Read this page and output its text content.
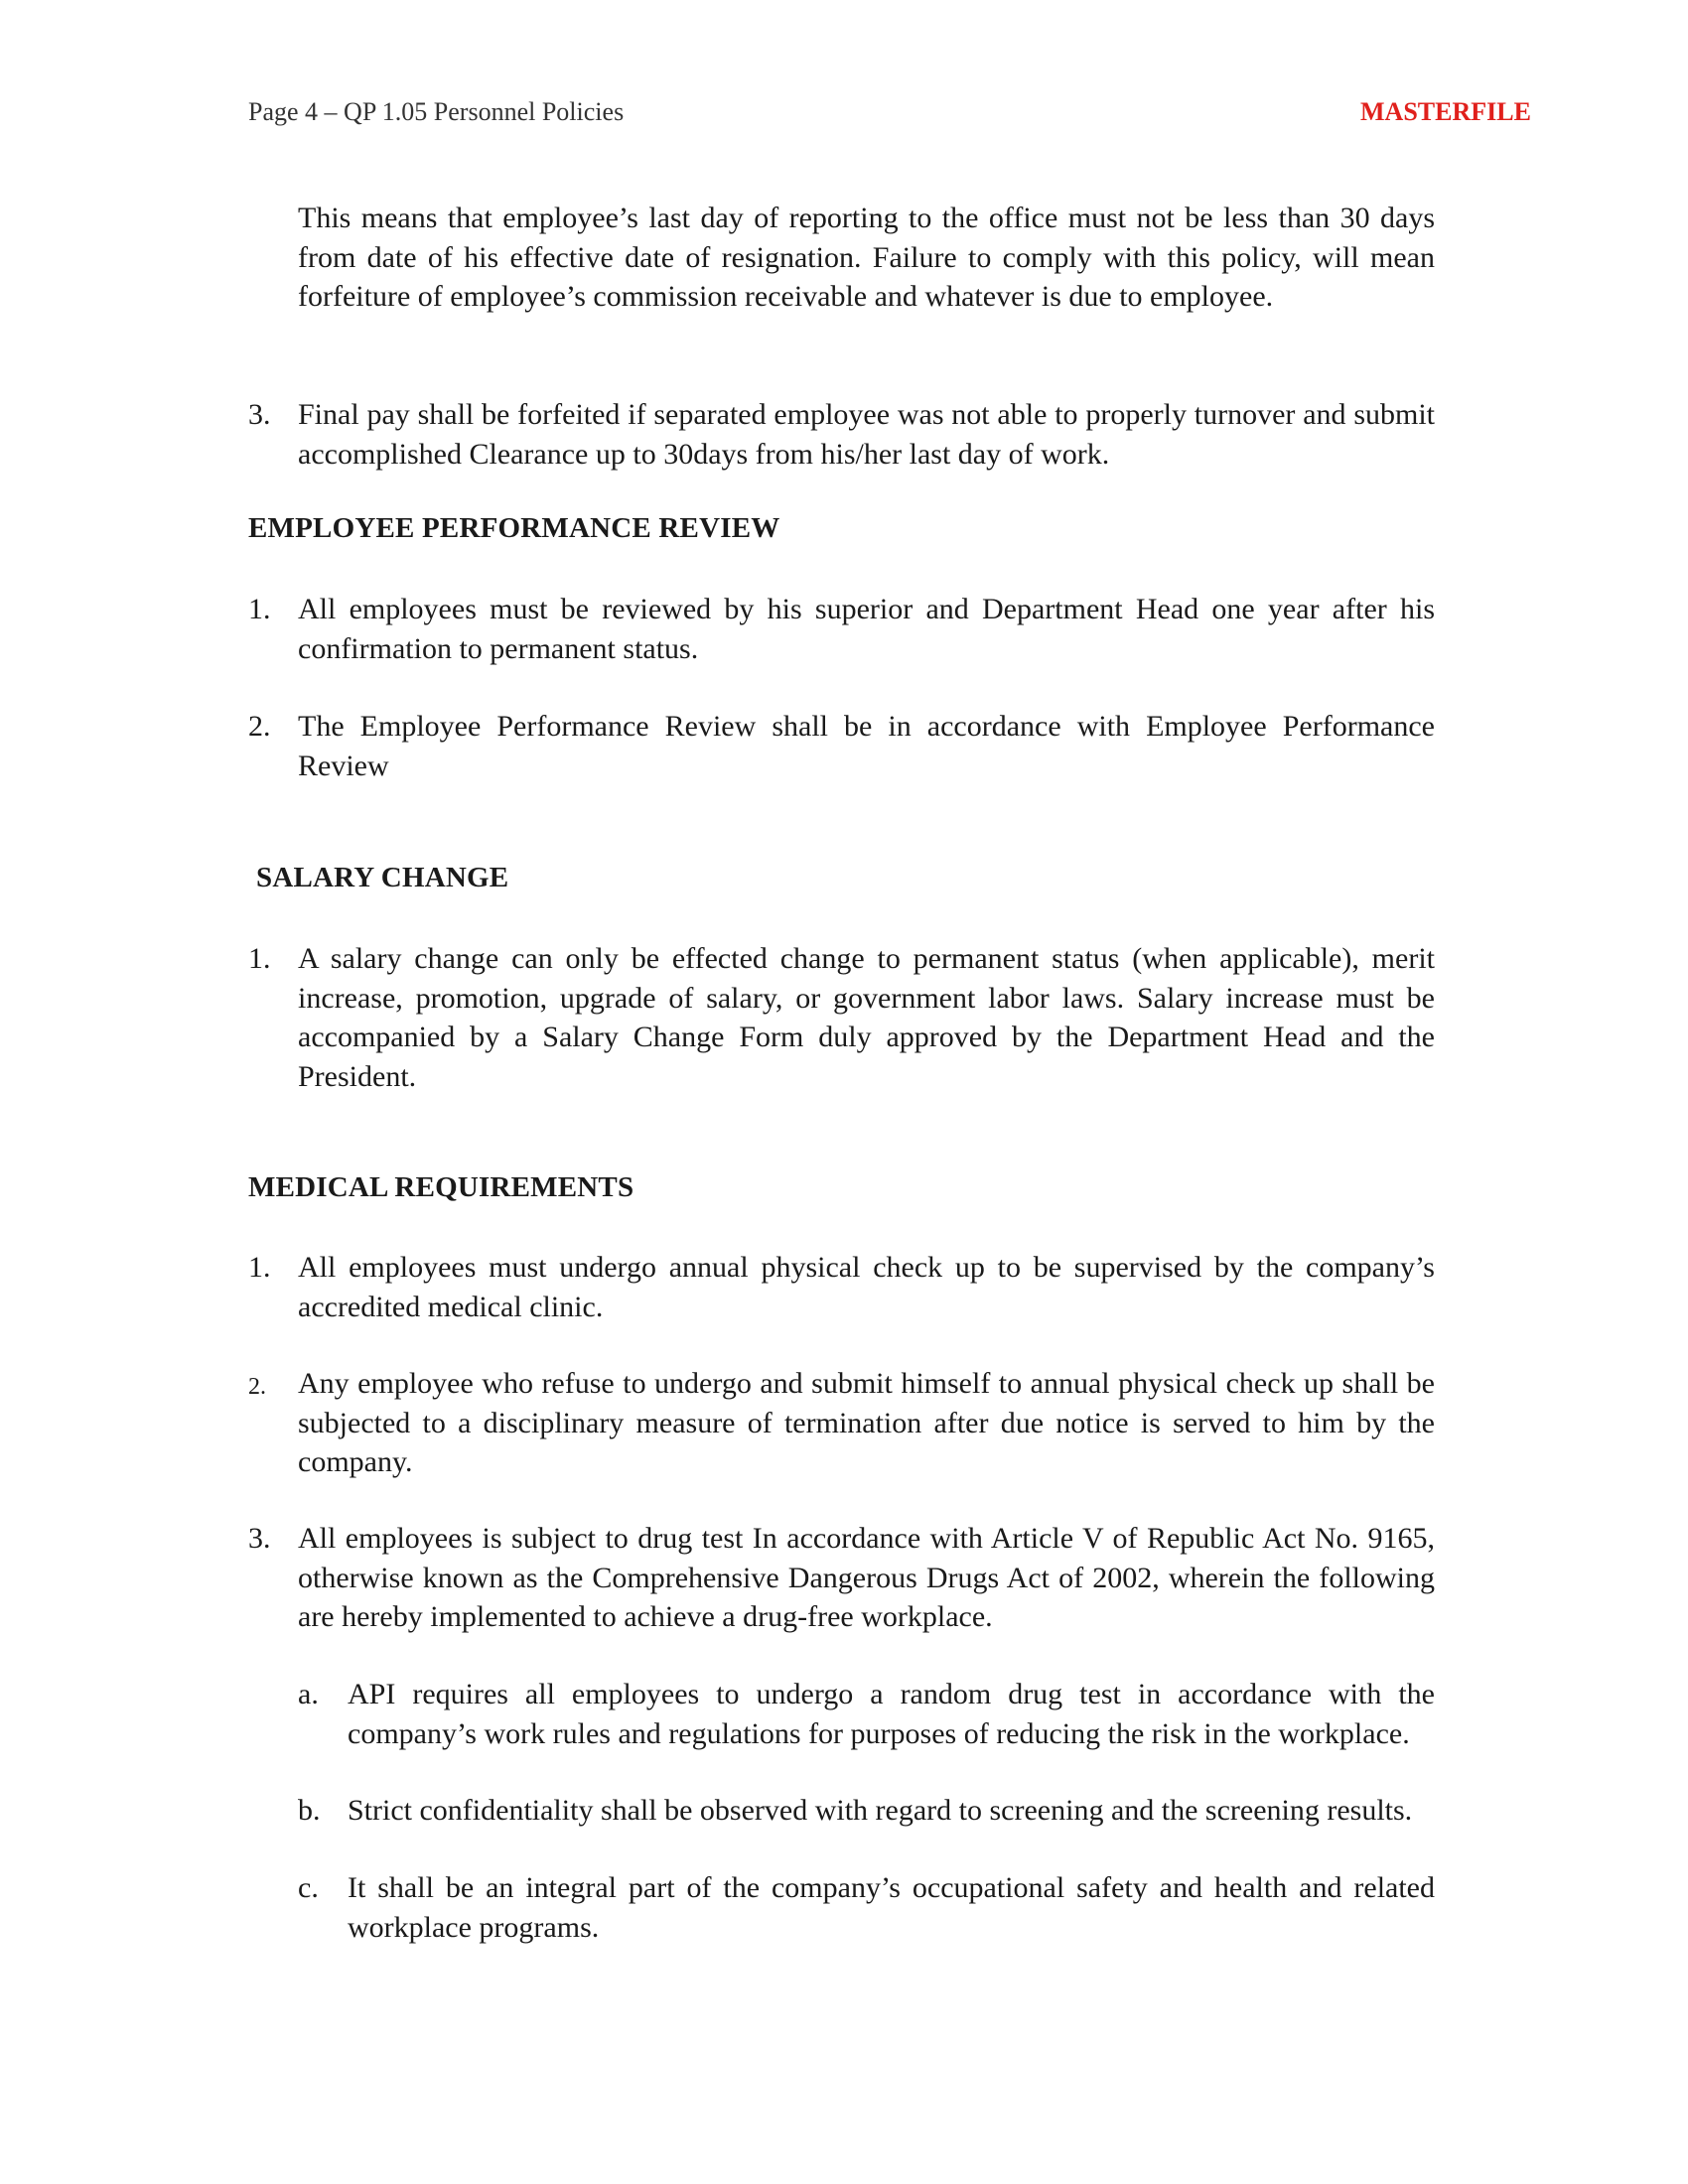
Page 4 – QP 1.05 Personnel Policies	MASTERFILE
This means that employee’s last day of reporting to the office must not be less than 30 days from date of his effective date of resignation. Failure to comply with this policy, will mean forfeiture of employee’s commission receivable and whatever is due to employee.
3. Final pay shall be forfeited if separated employee was not able to properly turnover and submit accomplished Clearance up to 30days from his/her last day of work.
EMPLOYEE PERFORMANCE REVIEW
1. All employees must be reviewed by his superior and Department Head one year after his confirmation to permanent status.
2. The Employee Performance Review shall be in accordance with Employee Performance Review
SALARY CHANGE
1. A salary change can only be effected change to permanent status (when applicable), merit increase, promotion, upgrade of salary, or government labor laws. Salary increase must be accompanied by a Salary Change Form duly approved by the Department Head and the President.
MEDICAL REQUIREMENTS
1. All employees must undergo annual physical check up to be supervised by the company’s accredited medical clinic.
2.	Any employee who refuse to undergo and submit himself to annual physical check up shall be subjected to a disciplinary measure of termination after due notice is served to him by the company.
3. All employees is subject to drug test In accordance with Article V of Republic Act No. 9165, otherwise known as the Comprehensive Dangerous Drugs Act of 2002, wherein the following are hereby implemented to achieve a drug-free workplace.
a. API requires all employees to undergo a random drug test in accordance with the company’s work rules and regulations for purposes of reducing the risk in the workplace.
b. Strict confidentiality shall be observed with regard to screening and the screening results.
c. It shall be an integral part of the company’s occupational safety and health and related workplace programs.
